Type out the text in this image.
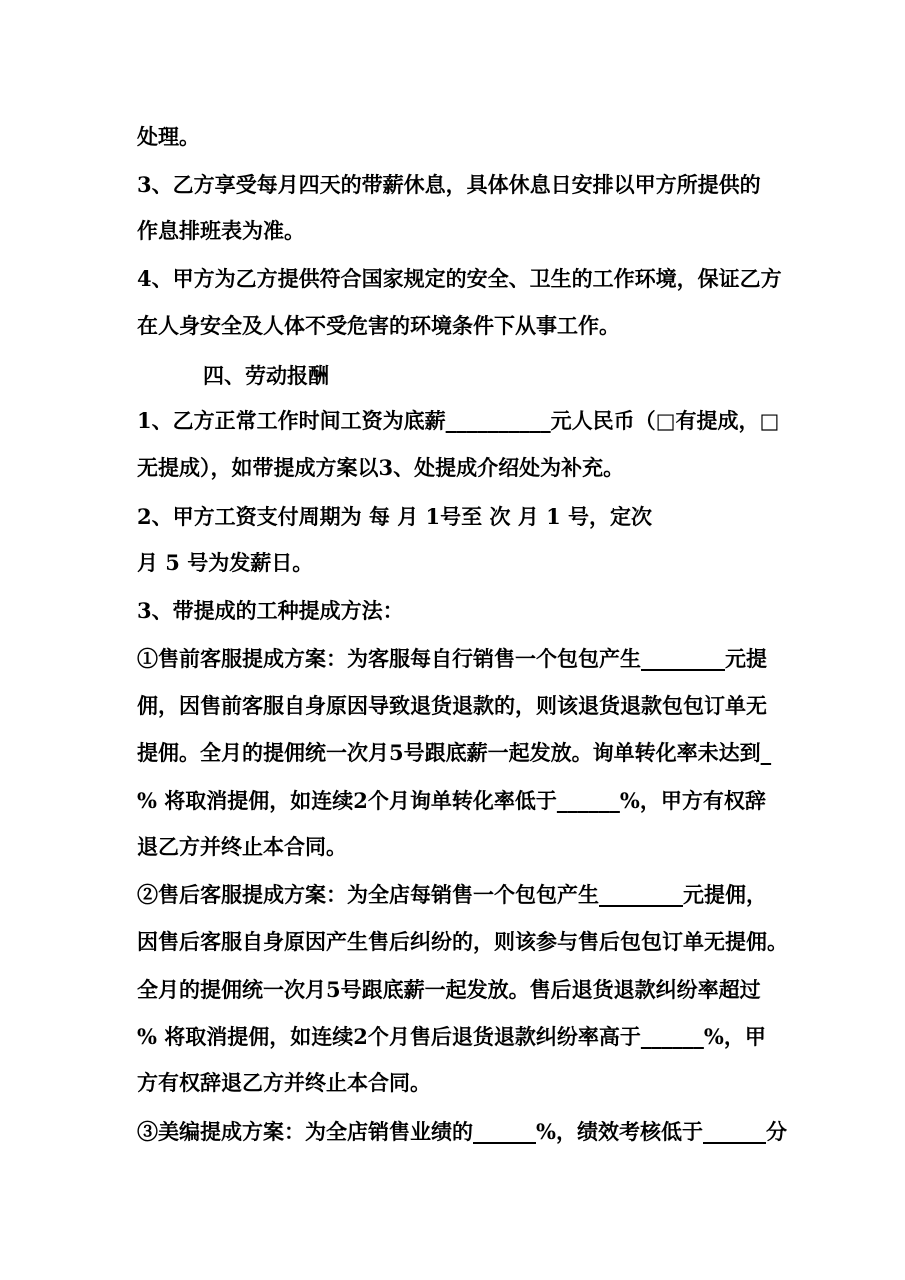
处理。
3、乙方享受每月四天的带薪休息，具体休息日安排以甲方所提供的
作息排班表为准。
4、甲方为乙方提供符合国家规定的安全、卫生的工作环境，保证乙方
在人身安全及人体不受危害的环境条件下从事工作。
四、劳动报酬
1、乙方正常工作时间工资为底薪__________元人民币（□有提成，□
无提成），如带提成方案以3、处提成介绍处为补充。
2、甲方工资支付周期为 每 月 1号至 次 月 1 号，定次
月 5 号为发薪日。
3、带提成的工种提成方法：
①售前客服提成方案：为客服每自行销售一个包包产生________元提
佣，因售前客服自身原因导致退货退款的，则该退货退款包包订单无
提佣。全月的提佣统一次月5号跟底薪一起发放。询单转化率未达到_
% 将取消提佣，如连续2个月询单转化率低于______%，甲方有权辞
退乙方并终止本合同。
②售后客服提成方案：为全店每销售一个包包产生________元提佣，
因售后客服自身原因产生售后纠纷的，则该参与售后包包订单无提佣。
全月的提佣统一次月5号跟底薪一起发放。售后退货退款纠纷率超过
% 将取消提佣，如连续2个月售后退货退款纠纷率高于______%，甲
方有权辞退乙方并终止本合同。
③美编提成方案：为全店销售业绩的______%，绩效考核低于______分
